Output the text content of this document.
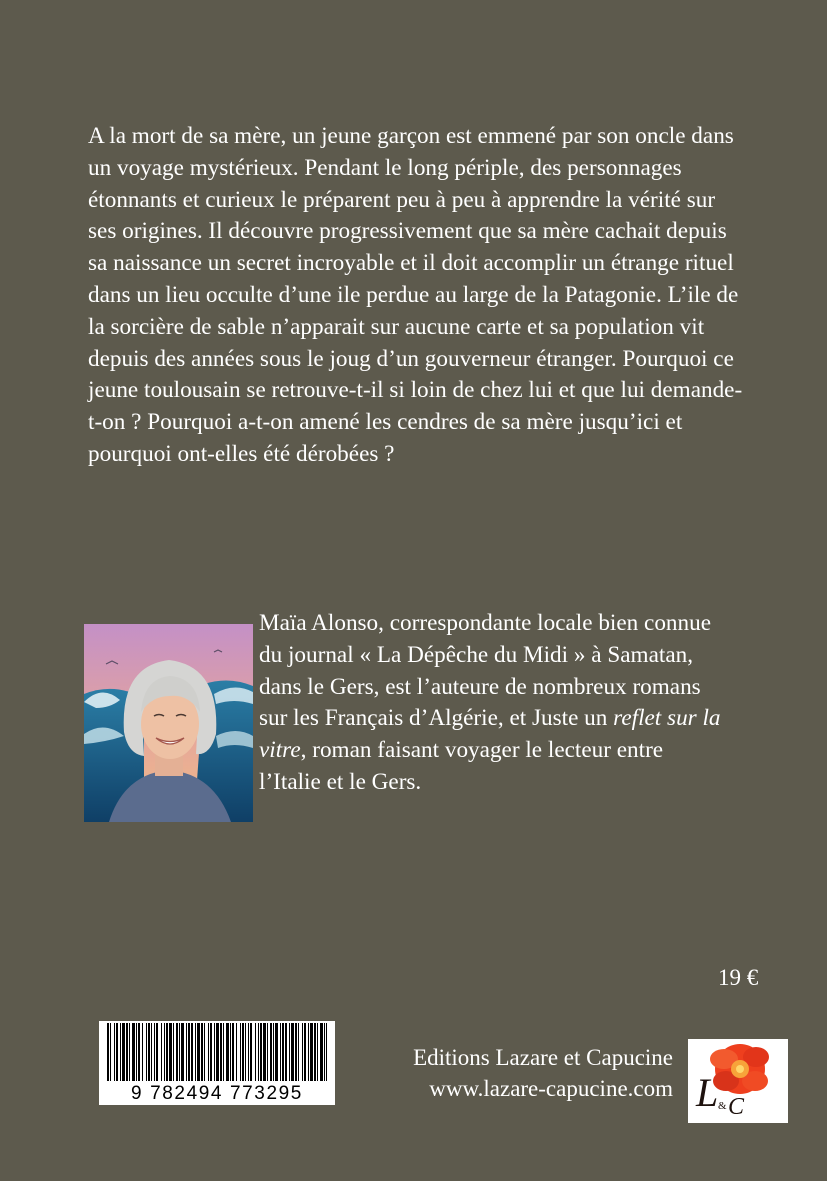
A la mort de sa mère, un jeune garçon est emmené par son oncle dans un voyage mystérieux. Pendant le long périple, des personnages étonnants et curieux le préparent peu à peu à apprendre la vérité sur ses origines. Il découvre progressivement que sa mère cachait depuis sa naissance un secret incroyable et il doit accomplir un étrange rituel dans un lieu occulte d’une ile perdue au large de la Patagonie. L’ile de la sorcière de sable n’apparait sur aucune carte et sa population vit depuis des années sous le joug d’un gouverneur étranger. Pourquoi ce jeune toulousain se retrouve-t-il si loin de chez lui et que lui demande-t-on ? Pourquoi a-t-on amené les cendres de sa mère jusqu’ici et pourquoi ont-elles été dérobées ?

Maïa Alonso, correspondante locale bien connue du journal « La Dépêche du Midi » à Samatan, dans le Gers, est l’auteure de nombreux romans sur les Français d’Algérie, et Juste un reflet sur la vitre, roman faisant voyager le lecteur entre l’Italie et le Gers.
19 €
9 782494 773295
Editions Lazare et Capucine
www.lazare-capucine.com L & C
